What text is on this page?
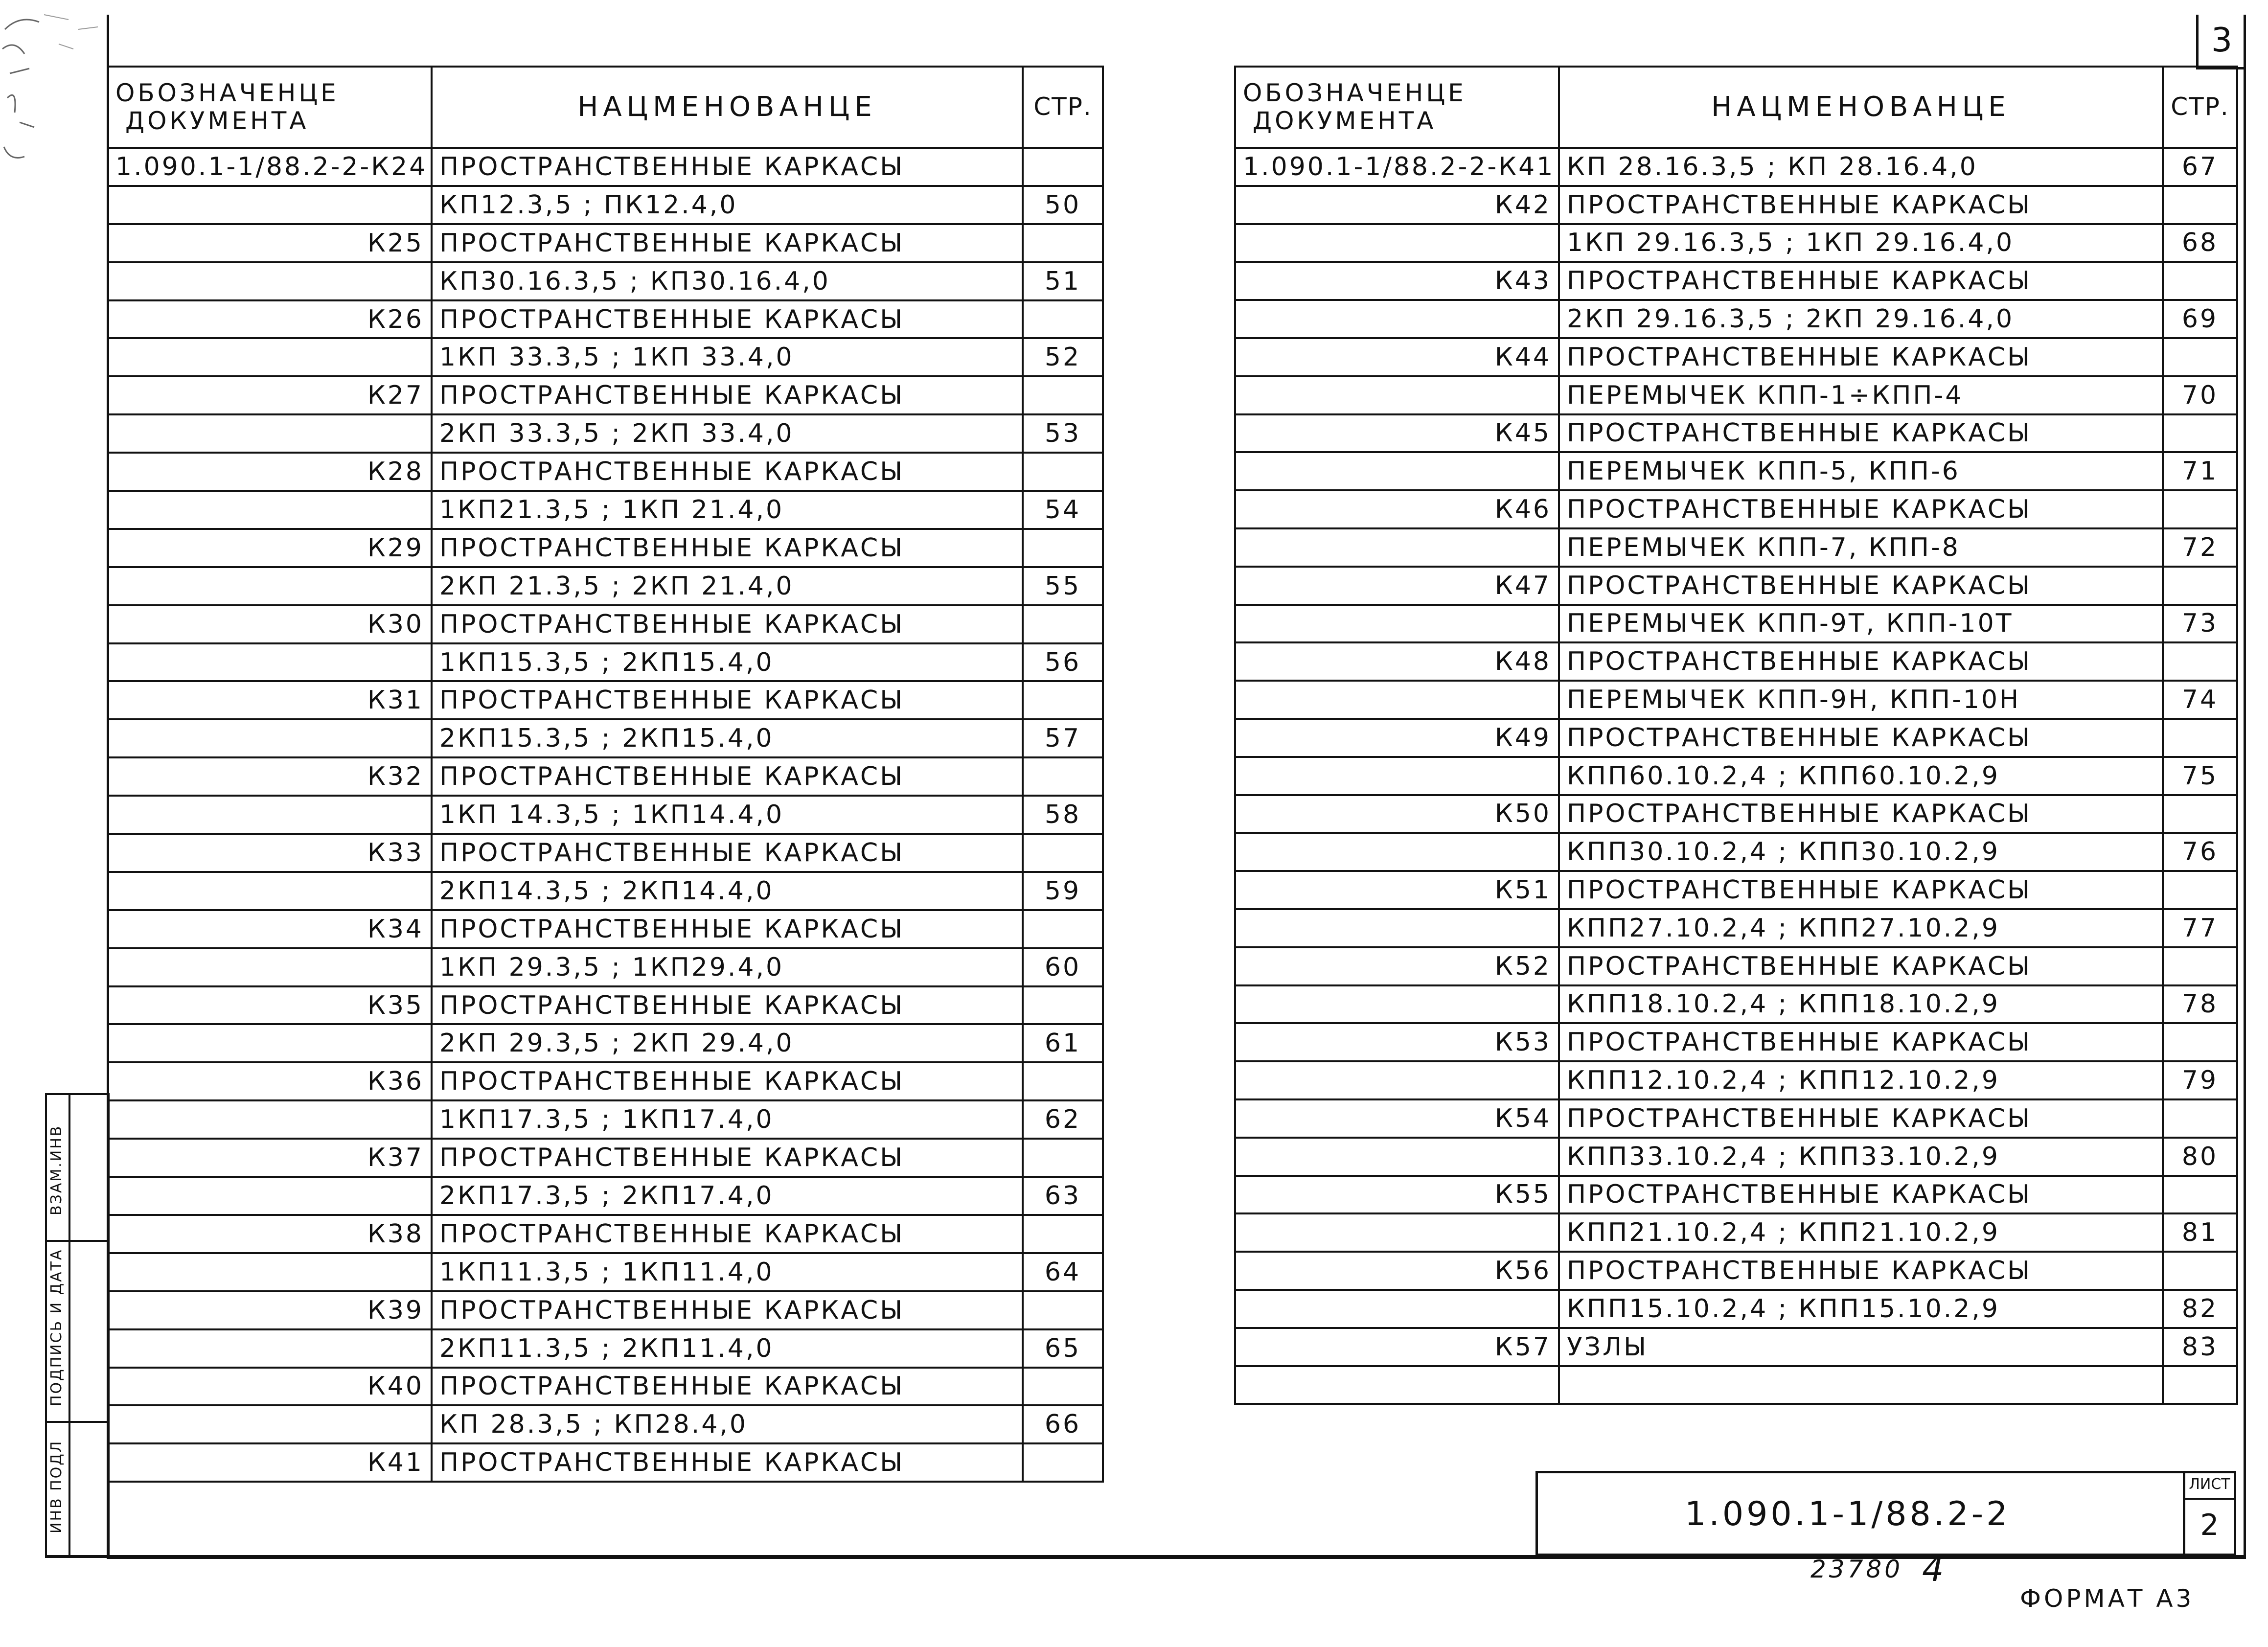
3
ОБОЗНАЧЕНЦЕ
ДОКУМЕНТА	НАЦМЕНОВАНЦЕ	СТР.
1.090.1-1/88.2-2-К24	ПРОСТРАНСТВЕННЫЕ КАРКАСЫ	
	КП12.3,5 ; ПК12.4,0	50
К25	ПРОСТРАНСТВЕННЫЕ КАРКАСЫ	
	КП30.16.3,5 ; КП30.16.4,0	51
К26	ПРОСТРАНСТВЕННЫЕ КАРКАСЫ	
	1КП 33.3,5 ; 1КП 33.4,0	52
К27	ПРОСТРАНСТВЕННЫЕ КАРКАСЫ	
	2КП 33.3,5 ; 2КП 33.4,0	53
К28	ПРОСТРАНСТВЕННЫЕ КАРКАСЫ	
	1КП21.3,5 ; 1КП 21.4,0	54
К29	ПРОСТРАНСТВЕННЫЕ КАРКАСЫ	
	2КП 21.3,5 ; 2КП 21.4,0	55
К30	ПРОСТРАНСТВЕННЫЕ КАРКАСЫ	
	1КП15.3,5 ; 2КП15.4,0	56
К31	ПРОСТРАНСТВЕННЫЕ КАРКАСЫ	
	2КП15.3,5 ; 2КП15.4,0	57
К32	ПРОСТРАНСТВЕННЫЕ КАРКАСЫ	
	1КП 14.3,5 ; 1КП14.4,0	58
К33	ПРОСТРАНСТВЕННЫЕ КАРКАСЫ	
	2КП14.3,5 ; 2КП14.4,0	59
К34	ПРОСТРАНСТВЕННЫЕ КАРКАСЫ	
	1КП 29.3,5 ; 1КП29.4,0	60
К35	ПРОСТРАНСТВЕННЫЕ КАРКАСЫ	
	2КП 29.3,5 ; 2КП 29.4,0	61
К36	ПРОСТРАНСТВЕННЫЕ КАРКАСЫ	
	1КП17.3,5 ; 1КП17.4,0	62
К37	ПРОСТРАНСТВЕННЫЕ КАРКАСЫ	
	2КП17.3,5 ; 2КП17.4,0	63
К38	ПРОСТРАНСТВЕННЫЕ КАРКАСЫ	
	1КП11.3,5 ; 1КП11.4,0	64
К39	ПРОСТРАНСТВЕННЫЕ КАРКАСЫ	
	2КП11.3,5 ; 2КП11.4,0	65
К40	ПРОСТРАНСТВЕННЫЕ КАРКАСЫ	
	КП 28.3,5 ; КП28.4,0	66
К41	ПРОСТРАНСТВЕННЫЕ КАРКАСЫ	
ОБОЗНАЧЕНЦЕ
ДОКУМЕНТА	НАЦМЕНОВАНЦЕ	СТР.
1.090.1-1/88.2-2-К41	КП 28.16.3,5 ; КП 28.16.4,0	67
К42	ПРОСТРАНСТВЕННЫЕ КАРКАСЫ	
	1КП 29.16.3,5 ; 1КП 29.16.4,0	68
К43	ПРОСТРАНСТВЕННЫЕ КАРКАСЫ	
	2КП 29.16.3,5 ; 2КП 29.16.4,0	69
К44	ПРОСТРАНСТВЕННЫЕ КАРКАСЫ	
	ПЕРЕМЫЧЕК КПП-1÷КПП-4	70
К45	ПРОСТРАНСТВЕННЫЕ КАРКАСЫ	
	ПЕРЕМЫЧЕК КПП-5, КПП-6	71
К46	ПРОСТРАНСТВЕННЫЕ КАРКАСЫ	
	ПЕРЕМЫЧЕК КПП-7, КПП-8	72
К47	ПРОСТРАНСТВЕННЫЕ КАРКАСЫ	
	ПЕРЕМЫЧЕК КПП-9Т, КПП-10Т	73
К48	ПРОСТРАНСТВЕННЫЕ КАРКАСЫ	
	ПЕРЕМЫЧЕК КПП-9Н, КПП-10Н	74
К49	ПРОСТРАНСТВЕННЫЕ КАРКАСЫ	
	КПП60.10.2,4 ; КПП60.10.2,9	75
К50	ПРОСТРАНСТВЕННЫЕ КАРКАСЫ	
	КПП30.10.2,4 ; КПП30.10.2,9	76
К51	ПРОСТРАНСТВЕННЫЕ КАРКАСЫ	
	КПП27.10.2,4 ; КПП27.10.2,9	77
К52	ПРОСТРАНСТВЕННЫЕ КАРКАСЫ	
	КПП18.10.2,4 ; КПП18.10.2,9	78
К53	ПРОСТРАНСТВЕННЫЕ КАРКАСЫ	
	КПП12.10.2,4 ; КПП12.10.2,9	79
К54	ПРОСТРАНСТВЕННЫЕ КАРКАСЫ	
	КПП33.10.2,4 ; КПП33.10.2,9	80
К55	ПРОСТРАНСТВЕННЫЕ КАРКАСЫ	
	КПП21.10.2,4 ; КПП21.10.2,9	81
К56	ПРОСТРАНСТВЕННЫЕ КАРКАСЫ	
	КПП15.10.2,4 ; КПП15.10.2,9	82
К57	УЗЛЫ	83

ВЗАМ.ИНВ
ПОДПИСЬ И ДАТА
ИНВ ПОДЛ	1.090.1-1/88.2-2
ЛИСТ
2
23780 4
ФОРМАТ А3
